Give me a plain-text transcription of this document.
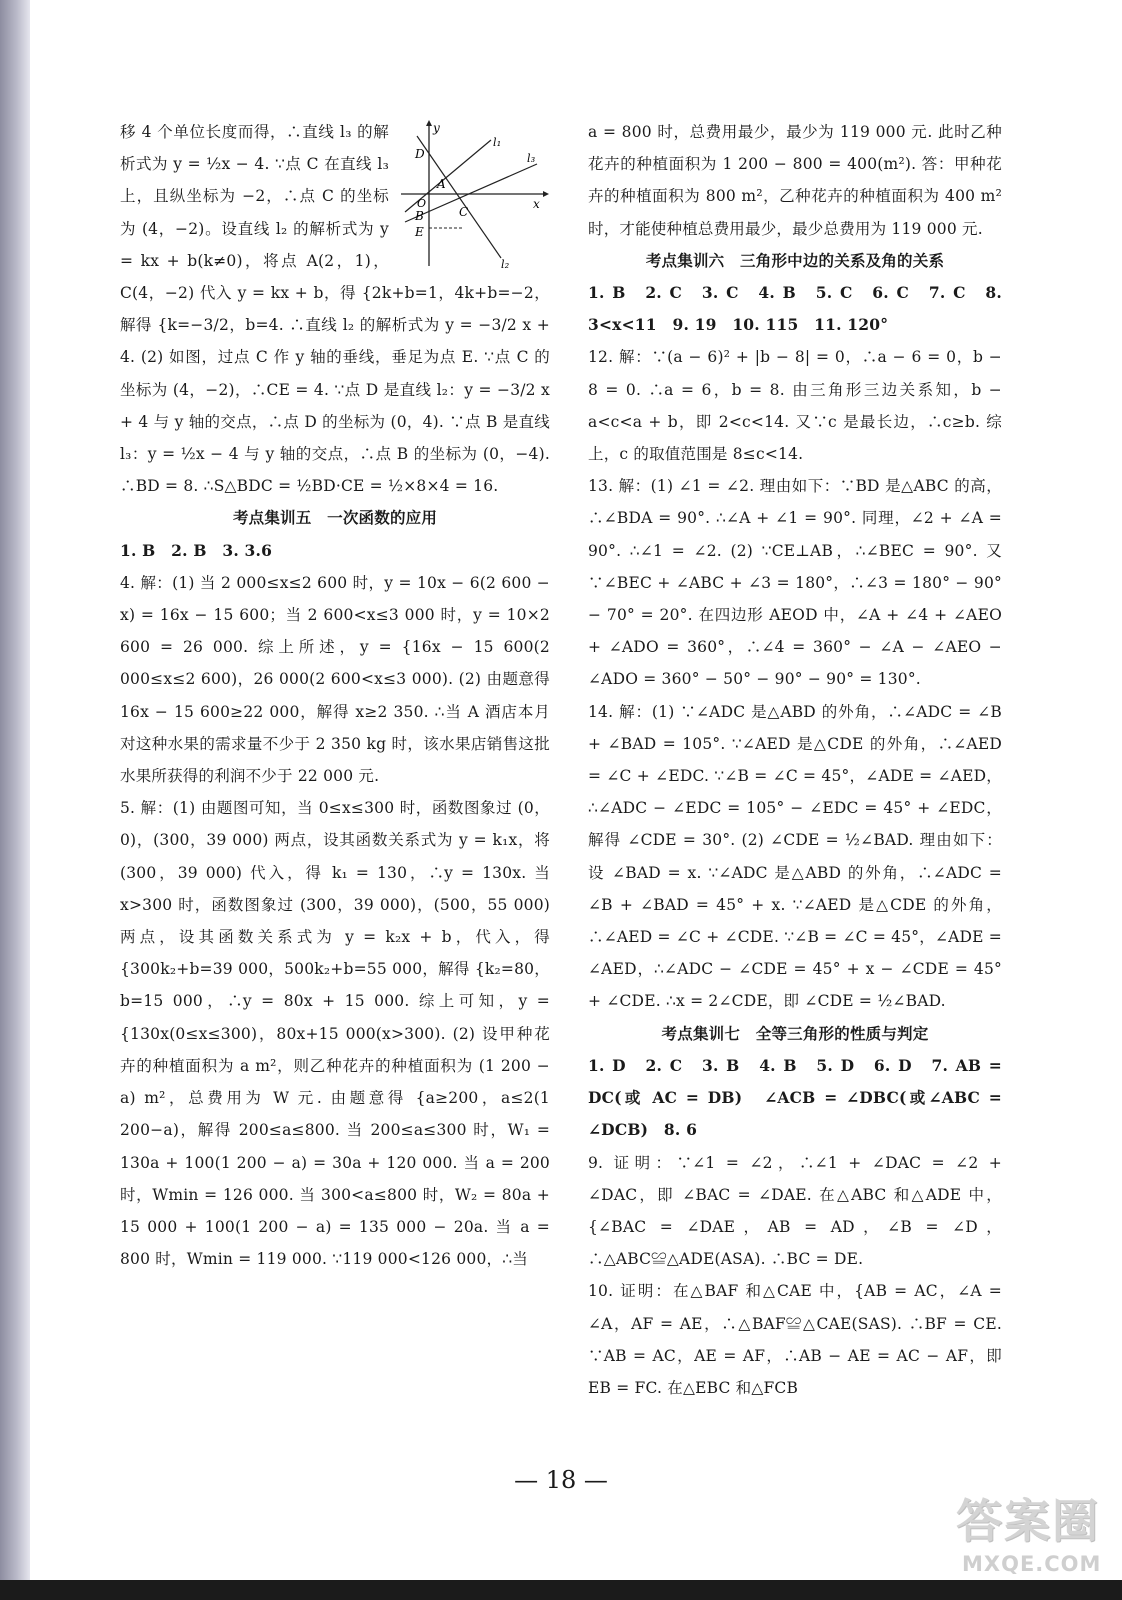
x
y
O
l₁
l₂
l₃
A
B	C
D
E

移 4 个单位长度而得，∴直线 l₃ 的解析式为 y = ½x − 4. ∵点 C 在直线 l₃ 上，且纵坐标为 −2，∴点 C 的坐标为 (4，−2)。设直线 l₂ 的解析式为 y = kx + b(k≠0)，将点 A(2，1)，C(4，−2) 代入 y = kx + b，得 {2k+b=1，4k+b=−2，解得 {k=−3/2，b=4. ∴直线 l₂ 的解析式为 y = −3/2 x + 4. (2) 如图，过点 C 作 y 轴的垂线，垂足为点 E. ∵点 C 的坐标为 (4，−2)，∴CE = 4. ∵点 D 是直线 l₂：y = −3/2 x + 4 与 y 轴的交点，∴点 D 的坐标为 (0，4). ∵点 B 是直线 l₃：y = ½x − 4 与 y 轴的交点，∴点 B 的坐标为 (0，−4). ∴BD = 8. ∴S△BDC = ½BD·CE = ½×8×4 = 16.

考点集训五　一次函数的应用

1. B　2. B　3. 3.6

4. 解：(1) 当 2 000≤x≤2 600 时，y = 10x − 6(2 600 − x) = 16x − 15 600；当 2 600<x≤3 000 时，y = 10×2 600 = 26 000. 综上所述，y = {16x − 15 600(2 000≤x≤2 600)，26 000(2 600<x≤3 000). (2) 由题意得 16x − 15 600≥22 000，解得 x≥2 350. ∴当 A 酒店本月对这种水果的需求量不少于 2 350 kg 时，该水果店销售这批水果所获得的利润不少于 22 000 元.

5. 解：(1) 由题图可知，当 0≤x≤300 时，函数图象过 (0，0)，(300，39 000) 两点，设其函数关系式为 y = k₁x，将 (300，39 000) 代入，得 k₁ = 130，∴y = 130x. 当 x>300 时，函数图象过 (300，39 000)，(500，55 000) 两点，设其函数关系式为 y = k₂x + b，代入，得 {300k₂+b=39 000，500k₂+b=55 000，解得 {k₂=80，b=15 000，∴y = 80x + 15 000. 综上可知，y = {130x(0≤x≤300)，80x+15 000(x>300). (2) 设甲种花卉的种植面积为 a m²，则乙种花卉的种植面积为 (1 200 − a) m²，总费用为 W 元. 由题意得 {a≥200，a≤2(1 200−a)，解得 200≤a≤800. 当 200≤a≤300 时，W₁ = 130a + 100(1 200 − a) = 30a + 120 000. 当 a = 200 时，Wmin = 126 000. 当 300<a≤800 时，W₂ = 80a + 15 000 + 100(1 200 − a) = 135 000 − 20a. 当 a = 800 时，Wmin = 119 000. ∵119 000<126 000，∴当

a = 800 时，总费用最少，最少为 119 000 元. 此时乙种花卉的种植面积为 1 200 − 800 = 400(m²). 答：甲种花卉的种植面积为 800 m²，乙种花卉的种植面积为 400 m² 时，才能使种植总费用最少，最少总费用为 119 000 元.

考点集训六　三角形中边的关系及角的关系

1. B　2. C　3. C　4. B　5. C　6. C　7. C　8. 3<x<11　9. 19　10. 115　11. 120°

12. 解：∵(a − 6)² + |b − 8| = 0，∴a − 6 = 0，b − 8 = 0. ∴a = 6，b = 8. 由三角形三边关系知，b − a<c<a + b，即 2<c<14. 又∵c 是最长边，∴c≥b. 综上，c 的取值范围是 8≤c<14.

13. 解：(1) ∠1 = ∠2. 理由如下：∵BD 是△ABC 的高，∴∠BDA = 90°. ∴∠A + ∠1 = 90°. 同理，∠2 + ∠A = 90°. ∴∠1 = ∠2. (2) ∵CE⊥AB，∴∠BEC = 90°. 又∵∠BEC + ∠ABC + ∠3 = 180°，∴∠3 = 180° − 90° − 70° = 20°. 在四边形 AEOD 中，∠A + ∠4 + ∠AEO + ∠ADO = 360°，∴∠4 = 360° − ∠A − ∠AEO − ∠ADO = 360° − 50° − 90° − 90° = 130°.

14. 解：(1) ∵∠ADC 是△ABD 的外角，∴∠ADC = ∠B + ∠BAD = 105°. ∵∠AED 是△CDE 的外角，∴∠AED = ∠C + ∠EDC. ∵∠B = ∠C = 45°，∠ADE = ∠AED，∴∠ADC − ∠EDC = 105° − ∠EDC = 45° + ∠EDC，解得 ∠CDE = 30°. (2) ∠CDE = ½∠BAD. 理由如下：设 ∠BAD = x. ∵∠ADC 是△ABD 的外角，∴∠ADC = ∠B + ∠BAD = 45° + x. ∵∠AED 是△CDE 的外角，∴∠AED = ∠C + ∠CDE. ∵∠B = ∠C = 45°，∠ADE = ∠AED，∴∠ADC − ∠CDE = 45° + x − ∠CDE = 45° + ∠CDE. ∴x = 2∠CDE，即 ∠CDE = ½∠BAD.

考点集训七　全等三角形的性质与判定

1. D　2. C　3. B　4. B　5. D　6. D　7. AB = DC(或 AC = DB)　∠ACB = ∠DBC(或∠ABC = ∠DCB)　8. 6

9. 证明：∵∠1 = ∠2，∴∠1 + ∠DAC = ∠2 + ∠DAC，即 ∠BAC = ∠DAE. 在△ABC 和△ADE 中，{∠BAC = ∠DAE，AB = AD，∠B = ∠D，∴△ABC≌△ADE(ASA). ∴BC = DE.

10. 证明：在△BAF 和△CAE 中，{AB = AC，∠A = ∠A，AF = AE，∴△BAF≌△CAE(SAS). ∴BF = CE. ∵AB = AC，AE = AF，∴AB − AE = AC − AF，即 EB = FC. 在△EBC 和△FCB

— 18 —
答案圈
MXQE.COM
